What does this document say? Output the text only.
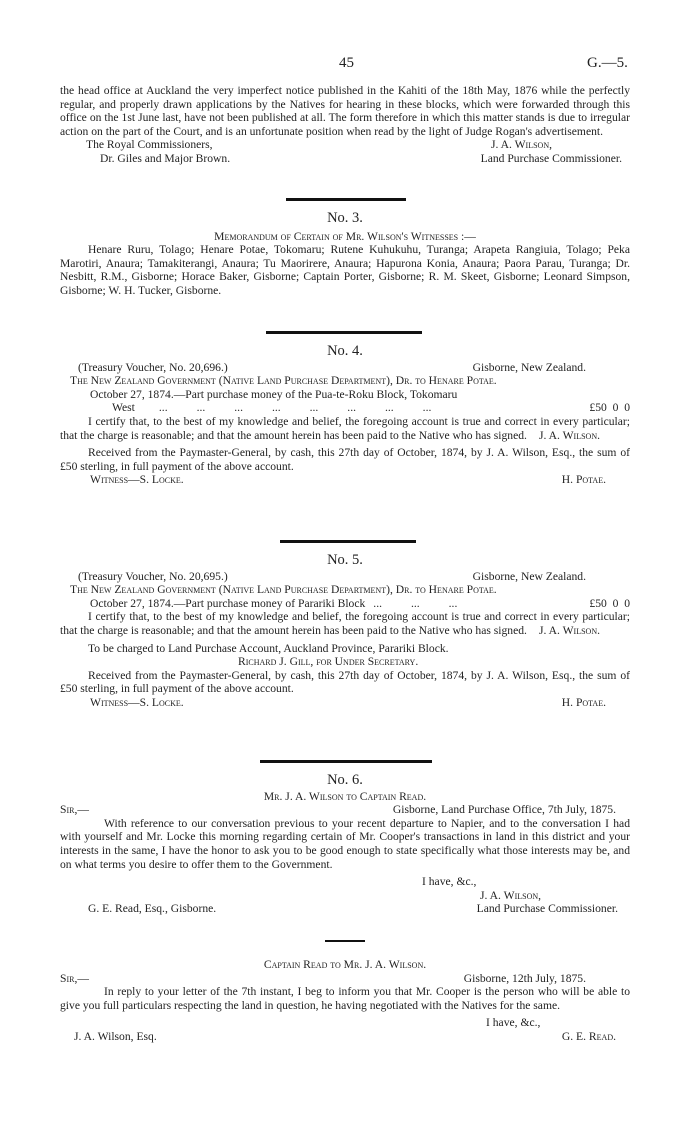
45	G.—5.

the head office at Auckland the very imperfect notice published in the Kahiti of the 18th May, 1876 while the perfectly regular, and properly drawn applications by the Natives for hearing in these blocks, which were forwarded through this office on the 1st June last, have not been published at all. The form therefore in which this matter stands is due to irregular action on the part of the Court, and is an unfortunate position when read by the light of Judge Rogan's advertisement.

The Royal Commissioners,	J. A. Wilson,
Dr. Giles and Major Brown.	Land Purchase Commissioner.
No. 3.
Memorandum of Certain of Mr. Wilson's Witnesses :—

Henare Ruru, Tolago; Henare Potae, Tokomaru; Rutene Kuhukuhu, Turanga; Arapeta Rangiuia, Tolago; Peka Marotiri, Anaura; Tamakiterangi, Anaura; Tu Maorirere, Anaura; Hapurona Konia, Anaura; Paora Parau, Turanga; Dr. Nesbitt, R.M., Gisborne; Horace Baker, Gisborne; Captain Porter, Gisborne; R. M. Skeet, Gisborne; Leonard Simpson, Gisborne; W. H. Tucker, Gisborne.

No. 4.
(Treasury Voucher, No. 20,696.)	Gisborne, New Zealand.
The New Zealand Government (Native Land Purchase Department), Dr. to Henare Potae.
October 27, 1874.—Part purchase money of the Pua-te-Roku Block, Tokomaru
West ...          ...          ...          ...          ...          ...          ...          ...	£50  0  0

I certify that, to the best of my knowledge and belief, the foregoing account is true and correct in every particular; that the charge is reasonable; and that the amount herein has been paid to the Native who has signed.	J. A. Wilson.

Received from the Paymaster-General, by cash, this 27th day of October, 1874, by J. A. Wilson, Esq., the sum of £50 sterling, in full payment of the above account.

Witness—S. Locke.	H. Potae.
No. 5.
(Treasury Voucher, No. 20,695.)	Gisborne, New Zealand.
The New Zealand Government (Native Land Purchase Department), Dr. to Henare Potae.
October 27, 1874.—Part purchase money of Parariki Block ...          ...          ...	£50  0  0

I certify that, to the best of my knowledge and belief, the foregoing account is true and correct in every particular; that the charge is reasonable; and that the amount herein has been paid to the Native who has signed.	J. A. Wilson.

To be charged to Land Purchase Account, Auckland Province, Parariki Block.

Richard J. Gill, for Under Secretary.

Received from the Paymaster-General, by cash, this 27th day of October, 1874, by J. A. Wilson, Esq., the sum of £50 sterling, in full payment of the above account.

Witness—S. Locke.	H. Potae.
No. 6.
Mr. J. A. Wilson to Captain Read.
Sir,—	Gisborne, Land Purchase Office, 7th July, 1875.

With reference to our conversation previous to your recent departure to Napier, and to the conversation I had with yourself and Mr. Locke this morning regarding certain of Mr. Cooper's transactions in land in this district and your interests in the same, I have the honor to ask you to be good enough to state specifically what those interests may be, and on what terms you desire to offer them to the Government.

I have, &c.,
J. A. Wilson,
G. E. Read, Esq., Gisborne.	Land Purchase Commissioner.
Captain Read to Mr. J. A. Wilson.
Sir,—	Gisborne, 12th July, 1875.

In reply to your letter of the 7th instant, I beg to inform you that Mr. Cooper is the person who will be able to give you full particulars respecting the land in question, he having negotiated with the Natives for the same.

I have, &c.,
J. A. Wilson, Esq.	G. E. Read.
